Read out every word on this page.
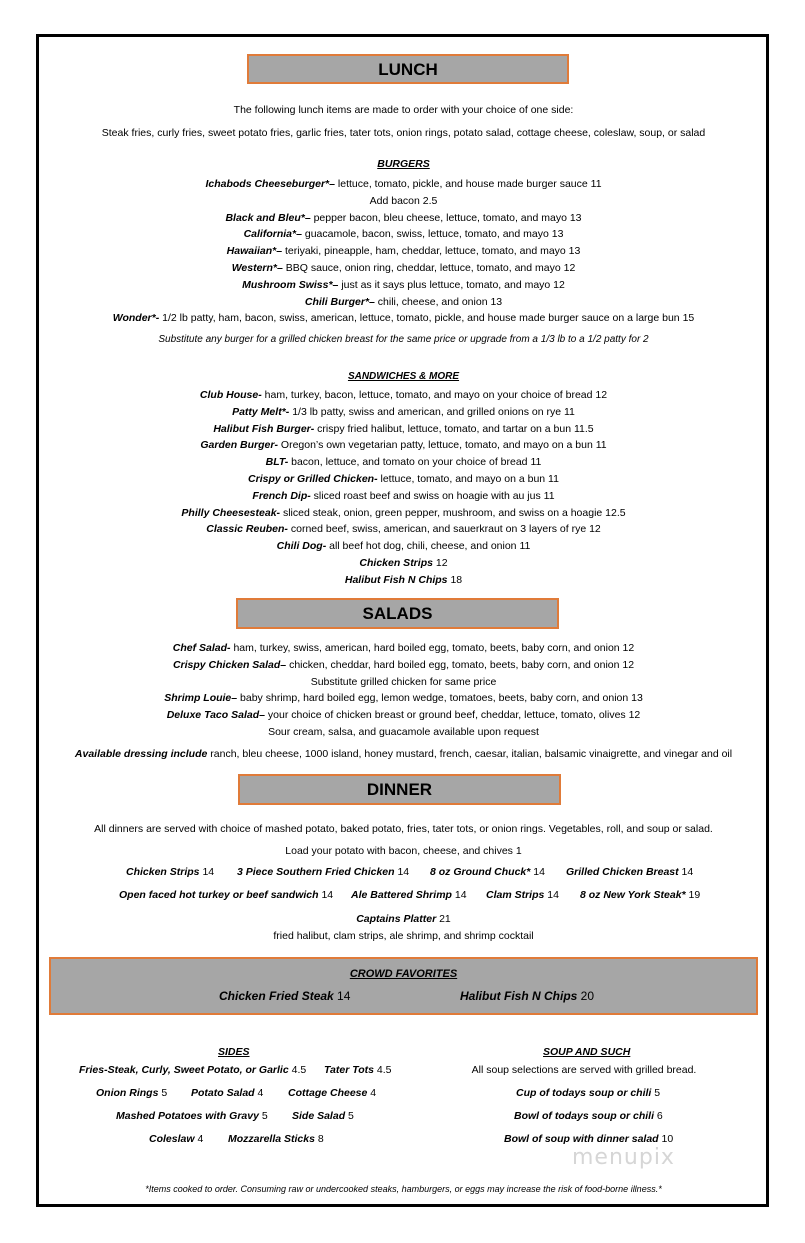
LUNCH
The following lunch items are made to order with your choice of one side:
Steak fries, curly fries, sweet potato fries, garlic fries, tater tots, onion rings, potato salad, cottage cheese, coleslaw, soup, or salad
BURGERS
Ichabods Cheeseburger*– lettuce, tomato, pickle, and house made burger sauce 11
Add bacon 2.5
Black and Bleu*– pepper bacon, bleu cheese, lettuce, tomato, and mayo 13
California*– guacamole, bacon, swiss, lettuce, tomato, and mayo 13
Hawaiian*– teriyaki, pineapple, ham, cheddar, lettuce, tomato, and mayo 13
Western*– BBQ sauce, onion ring, cheddar, lettuce, tomato, and mayo 12
Mushroom Swiss*– just as it says plus lettuce, tomato, and mayo 12
Chili Burger*– chili, cheese, and onion 13
Wonder*- 1/2 lb patty, ham, bacon, swiss, american, lettuce, tomato, pickle, and house made burger sauce on a large bun 15
Substitute any burger for a grilled chicken breast for the same price or upgrade from a 1/3 lb to a 1/2 patty for 2
SANDWICHES & MORE
Club House- ham, turkey, bacon, lettuce, tomato, and mayo on your choice of bread 12
Patty Melt*- 1/3 lb patty, swiss and american, and grilled onions on rye 11
Halibut Fish Burger- crispy fried halibut, lettuce, tomato, and tartar on a bun 11.5
Garden Burger- Oregon’s own vegetarian patty, lettuce, tomato, and mayo on a bun 11
BLT- bacon, lettuce, and tomato on your choice of bread 11
Crispy or Grilled Chicken- lettuce, tomato, and mayo on a bun 11
French Dip- sliced roast beef and swiss on hoagie with au jus 11
Philly Cheesesteak- sliced steak, onion, green pepper, mushroom, and swiss on a hoagie 12.5
Classic Reuben- corned beef, swiss, american, and sauerkraut on 3 layers of rye 12
Chili Dog- all beef hot dog, chili, cheese, and onion 11
Chicken Strips 12
Halibut Fish N Chips 18
SALADS
Chef Salad- ham, turkey, swiss, american, hard boiled egg, tomato, beets, baby corn, and onion 12
Crispy Chicken Salad– chicken, cheddar, hard boiled egg, tomato, beets, baby corn, and onion 12
Substitute grilled chicken for same price
Shrimp Louie– baby shrimp, hard boiled egg, lemon wedge, tomatoes, beets, baby corn, and onion 13
Deluxe Taco Salad– your choice of chicken breast or ground beef, cheddar, lettuce, tomato, olives 12
Sour cream, salsa, and guacamole available upon request
Available dressing include ranch, bleu cheese, 1000 island, honey mustard, french, caesar, italian, balsamic vinaigrette, and vinegar and oil
DINNER
All dinners are served with choice of mashed potato, baked potato, fries, tater tots, or onion rings. Vegetables, roll, and soup or salad.
Load your potato with bacon, cheese, and chives 1
Chicken Strips 14 3 Piece Southern Fried Chicken 14 8 oz Ground Chuck* 14 Grilled Chicken Breast 14
Open faced hot turkey or beef sandwich 14 Ale Battered Shrimp 14 Clam Strips 14 8 oz New York Steak* 19
Captains Platter 21
fried halibut, clam strips, ale shrimp, and shrimp cocktail
CROWD FAVORITES
Chicken Fried Steak 14	Halibut Fish N Chips 20
SIDES
Fries-Steak, Curly, Sweet Potato, or Garlic 4.5 Tater Tots 4.5
Onion Rings 5 Potato Salad 4 Cottage Cheese 4
Mashed Potatoes with Gravy 5 Side Salad 5
Coleslaw 4 Mozzarella Sticks 8
SOUP AND SUCH
All soup selections are served with grilled bread.
Cup of todays soup or chili 5
Bowl of todays soup or chili 6
Bowl of soup with dinner salad 10
menupix
*Items cooked to order. Consuming raw or undercooked steaks, hamburgers, or eggs may increase the risk of food-borne illness.*
